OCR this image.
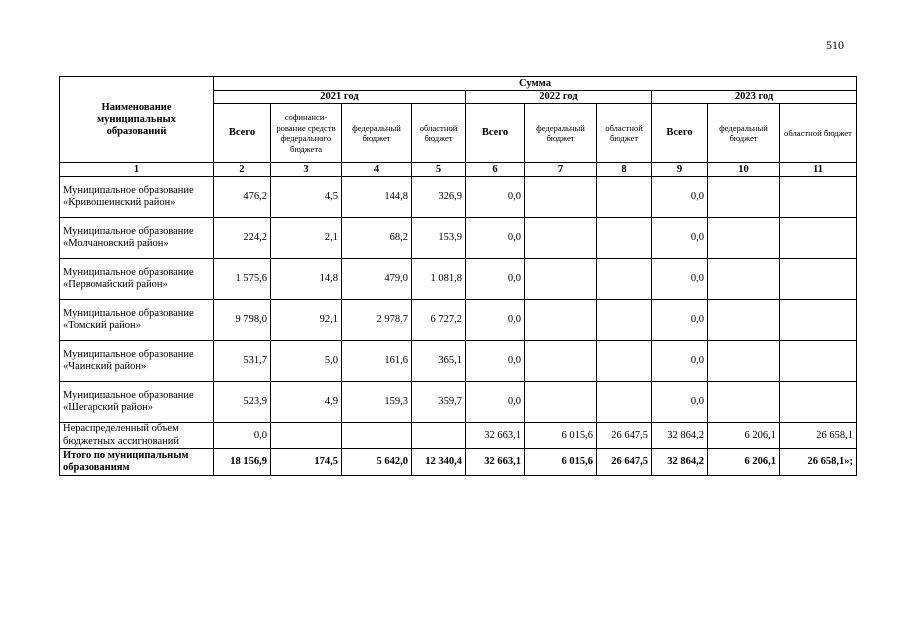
510
Наименование муниципальных образований	Сумма									
	2021 год				2022 год			2023 год		
	Всего	софинанси-рование средств федерального бюджета	федеральный бюджет	областной бюджет	Всего	федеральный бюджет	областной бюджет	Всего	федеральный бюджет	областной бюджет
1	2	3	4	5	6	7	8	9	10	11
Муниципальное образование «Кривошеинский район»	476,2	4,5	144,8	326,9	0,0			0,0		
Муниципальное образование «Молчановский район»	224,2	2,1	68,2	153,9	0,0			0,0		
Муниципальное образование «Первомайский район»	1 575,6	14,8	479,0	1 081,8	0,0			0,0		
Муниципальное образование «Томский район»	9 798,0	92,1	2 978,7	6 727,2	0,0			0,0		
Муниципальное образование «Чаинский район»	531,7	5,0	161,6	365,1	0,0			0,0		
Муниципальное образование «Шегарский район»	523,9	4,9	159,3	359,7	0,0			0,0		
Нераспределенный объем бюджетных ассигнований	0,0				32 663,1	6 015,6	26 647,5	32 864,2	6 206,1	26 658,1
Итого по муниципальным образованиям	18 156,9	174,5	5 642,0	12 340,4	32 663,1	6 015,6	26 647,5	32 864,2	6 206,1	26 658,1»;
